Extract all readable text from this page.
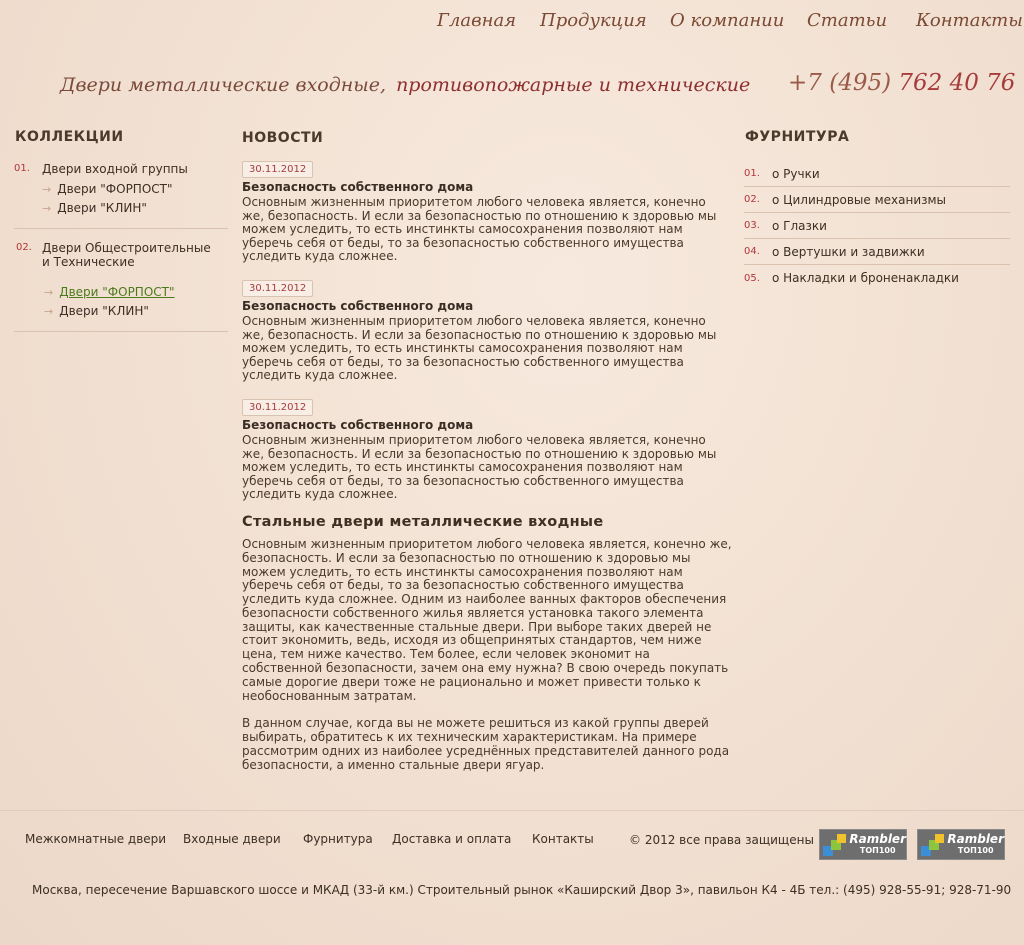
Главная Продукция О компании Статьи Контакты
Двери металлические входные, противопожарные и технические +7 (495) 762 40 76
КОЛЛЕКЦИИ	НОВОСТИ	ФУРНИТУРА
01.	Двери входной группы
→ Двери "ФОРПОСТ"
→ Двери "КЛИН"
02. Двери Общестроительные и Технические
→ Двери "ФОРПОСТ"
→ Двери "КЛИН"
30.11.2012
Безопасность собственного дома
Основным жизненным приоритетом любого человека является, конечно же, безопасность. И если за безопасностью по отношению к здоровью мы можем уследить, то есть инстинкты самосохранения позволяют нам уберечь себя от беды, то за безопасностью собственного имущества уследить куда сложнее.
30.11.2012
Безопасность собственного дома
Основным жизненным приоритетом любого человека является, конечно же, безопасность. И если за безопасностью по отношению к здоровью мы можем уследить, то есть инстинкты самосохранения позволяют нам уберечь себя от беды, то за безопасностью собственного имущества уследить куда сложнее.
30.11.2012
Безопасность собственного дома
Основным жизненным приоритетом любого человека является, конечно же, безопасность. И если за безопасностью по отношению к здоровью мы можем уследить, то есть инстинкты самосохранения позволяют нам уберечь себя от беды, то за безопасностью собственного имущества уследить куда сложнее.
Стальные двери металлические входные
Основным жизненным приоритетом любого человека является, конечно же, безопасность. И если за безопасностью по отношению к здоровью мы можем уследить, то есть инстинкты самосохранения позволяют нам уберечь себя от беды, то за безопасностью собственного имущества уследить куда сложнее. Одним из наиболее ванных факторов обеспечения безопасности собственного жилья является установка такого элемента защиты, как качественные стальные двери. При выборе таких дверей не стоит экономить, ведь, исходя из общепринятых стандартов, чем ниже цена, тем ниже качество. Тем более, если человек экономит на собственной безопасности, зачем она ему нужна? В свою очередь покупать самые дорогие двери тоже не рационально и может привести только к необоснованным затратам.
В данном случае, когда вы не можете решиться из какой группы дверей выбирать, обратитесь к их техническим характеристикам. На примере рассмотрим одних из наиболее усреднённых представителей данного рода безопасности, а именно стальные двери ягуар.
01.	о Ручки
02.	о Цилиндровые механизмы
03.	о Глазки
04.	о Вертушки и задвижки
05.	о Накладки и броненакладки
Межкомнатные двери Входные двери Фурнитура Доставка и оплата Контакты	© 2012 все права защищены	Rambler
ТОП100
Rambler
ТОП100
Москва, пересечение Варшавского шоссе и МКАД (33-й км.) Строительный рынок «Каширский Двор 3», павильон К4 - 4Б тел.: (495) 928-55-91; 928-71-90
